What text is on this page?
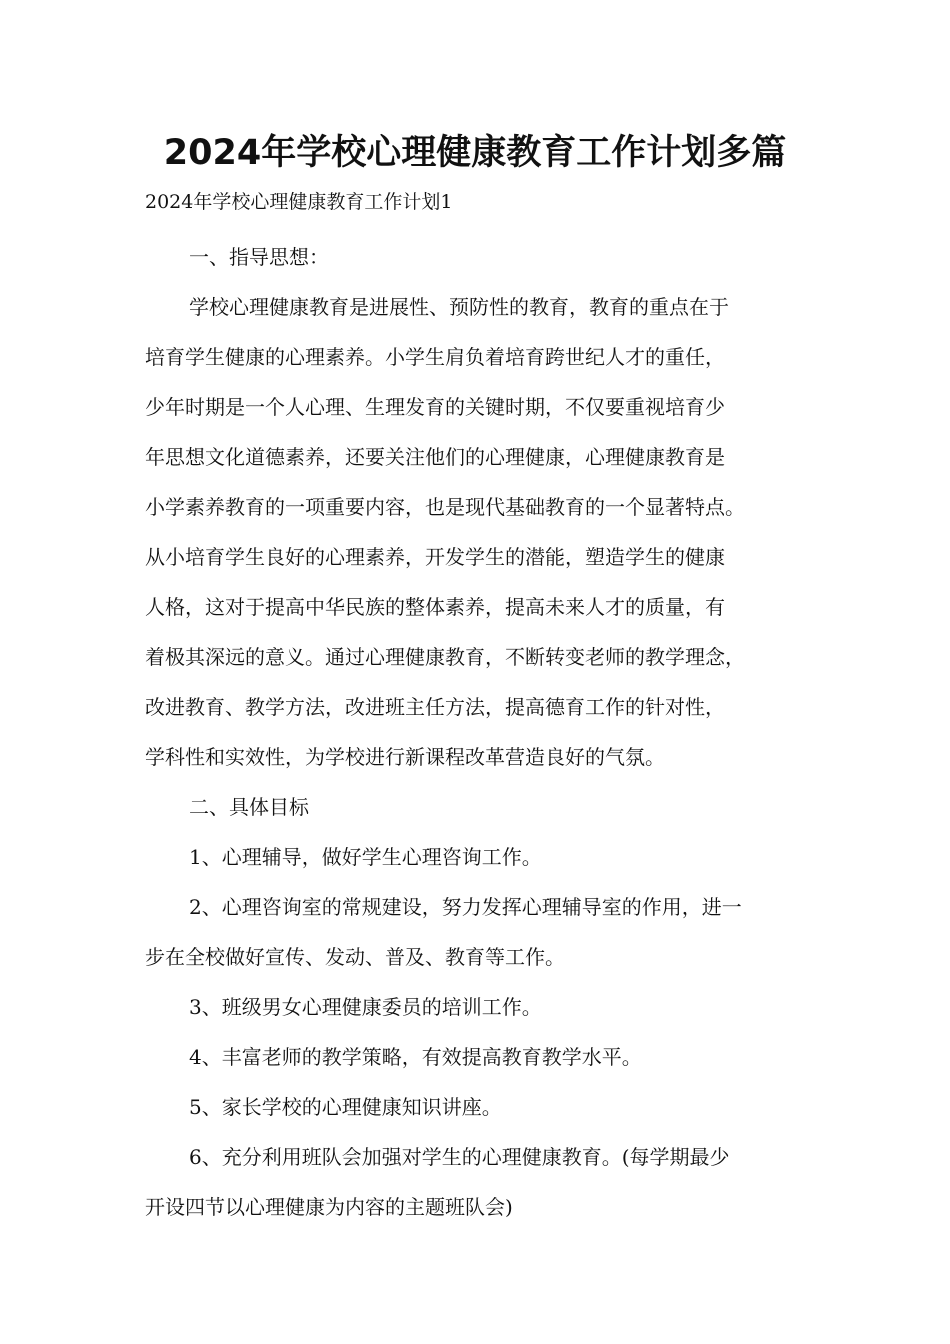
2024年学校心理健康教育工作计划多篇
2024年学校心理健康教育工作计划1

一、指导思想：

学校心理健康教育是进展性、预防性的教育，教育的重点在于
培育学生健康的心理素养。小学生肩负着培育跨世纪人才的重任，
少年时期是一个人心理、生理发育的关键时期，不仅要重视培育少
年思想文化道德素养，还要关注他们的心理健康，心理健康教育是
小学素养教育的一项重要内容，也是现代基础教育的一个显著特点。
从小培育学生良好的心理素养，开发学生的潜能，塑造学生的健康
人格，这对于提高中华民族的整体素养，提高未来人才的质量，有
着极其深远的意义。通过心理健康教育，不断转变老师的教学理念，
改进教育、教学方法，改进班主任方法，提高德育工作的针对性，
学科性和实效性，为学校进行新课程改革营造良好的气氛。

二、具体目标

1、心理辅导，做好学生心理咨询工作。

2、心理咨询室的常规建设，努力发挥心理辅导室的作用，进一
步在全校做好宣传、发动、普及、教育等工作。

3、班级男女心理健康委员的培训工作。

4、丰富老师的教学策略，有效提高教育教学水平。

5、家长学校的心理健康知识讲座。

6、充分利用班队会加强对学生的心理健康教育。(每学期最少
开设四节以心理健康为内容的主题班队会)
